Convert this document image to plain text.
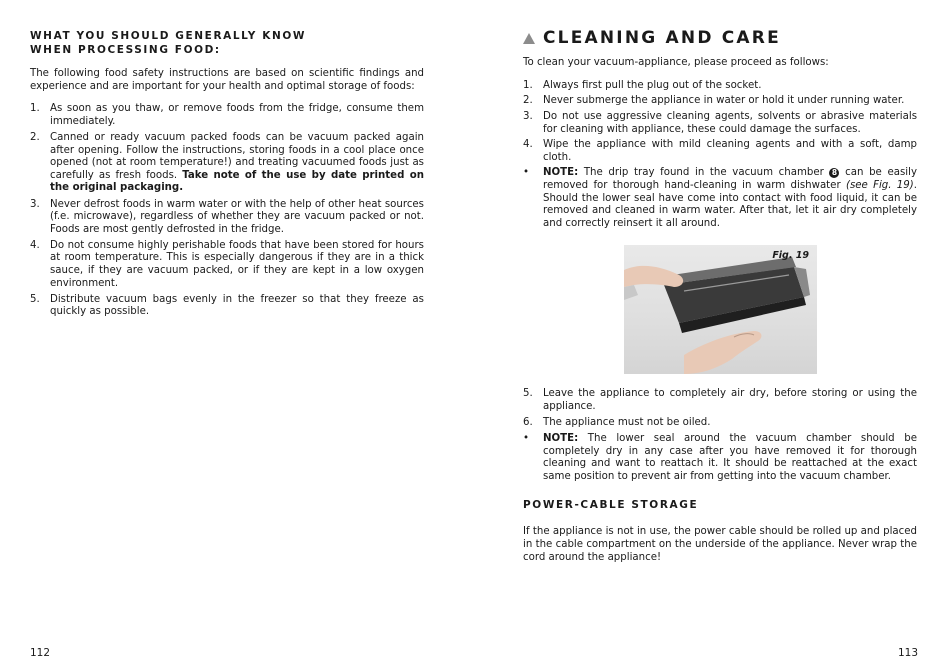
WHAT YOU SHOULD GENERALLY KNOW
WHEN PROCESSING FOOD:

The following food safety instructions are based on scientific findings and experience and are important for your health and optimal storage of foods:

1. As soon as you thaw, or remove foods from the fridge, consume them immediately.
2. Canned or ready vacuum packed foods can be vacuum packed again after opening. Follow the instructions, storing foods in a cool place once opened (not at room temperature!) and treating vacuumed foods just as carefully as fresh foods. Take note of the use by date printed on the original packaging.
3. Never defrost foods in warm water or with the help of other heat sources (f.e. microwave), regardless of whether they are vacuum packed or not. Foods are most gently defrosted in the fridge.
4. Do not consume highly perishable foods that have been stored for hours at room temperature. This is especially dangerous if they are in a thick sauce, if they are vacuum packed, or if they are kept in a low oxygen environment.
5. Distribute vacuum bags evenly in the freezer so that they freeze as quickly as possible.
112
CLEANING AND CARE

To clean your vacuum-appliance, please proceed as follows:

1. Always first pull the plug out of the socket.
2. Never submerge the appliance in water or hold it under running water.
3. Do not use aggressive cleaning agents, solvents or abrasive materials for cleaning with appliance, these could damage the surfaces.
4. Wipe the appliance with mild cleaning agents and with a soft, damp cloth.
• NOTE: The drip tray found in the vacuum chamber 8 can be easily removed for thorough hand-cleaning in warm dishwater (see Fig. 19). Should the lower seal have come into contact with food liquid, it can be removed and cleaned in warm water. After that, let it air dry completely and correctly reinsert it all around.
Fig. 19
5. Leave the appliance to completely air dry, before storing or using the appliance.
6. The appliance must not be oiled.
• NOTE: The lower seal around the vacuum chamber should be completely dry in any case after you have removed it for thorough cleaning and want to reattach it. It should be reattached at the exact same position to prevent air from getting into the vacuum chamber.
POWER-CABLE STORAGE

If the appliance is not in use, the power cable should be rolled up and placed in the cable compartment on the underside of the appliance. Never wrap the cord around the appliance!

113
